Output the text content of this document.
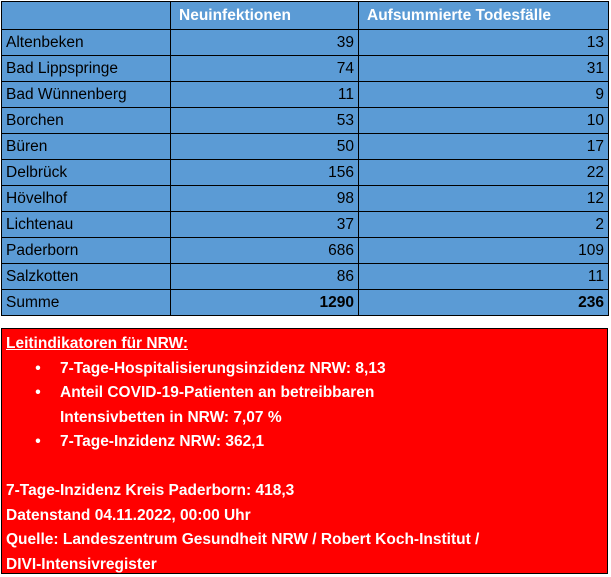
	Neuinfektionen	Aufsummierte Todesfälle
Altenbeken	39	13
Bad Lippspringe	74	31
Bad Wünnenberg	11	9
Borchen	53	10
Büren	50	17
Delbrück	156	22
Hövelhof	98	12
Lichtenau	37	2
Paderborn	686	109
Salzkotten	86	11
Summe	1290	236
Leitindikatoren für NRW:
• 7-Tage-Hospitalisierungsinzidenz NRW: 8,13
• Anteil COVID-19-Patienten an betreibbaren
Intensivbetten in NRW: 7,07 %
• 7-Tage-Inzidenz NRW: 362,1
7-Tage-Inzidenz Kreis Paderborn: 418,3
Datenstand 04.11.2022, 00:00 Uhr
Quelle: Landeszentrum Gesundheit NRW / Robert Koch-Institut /
DIVI-Intensivregister
